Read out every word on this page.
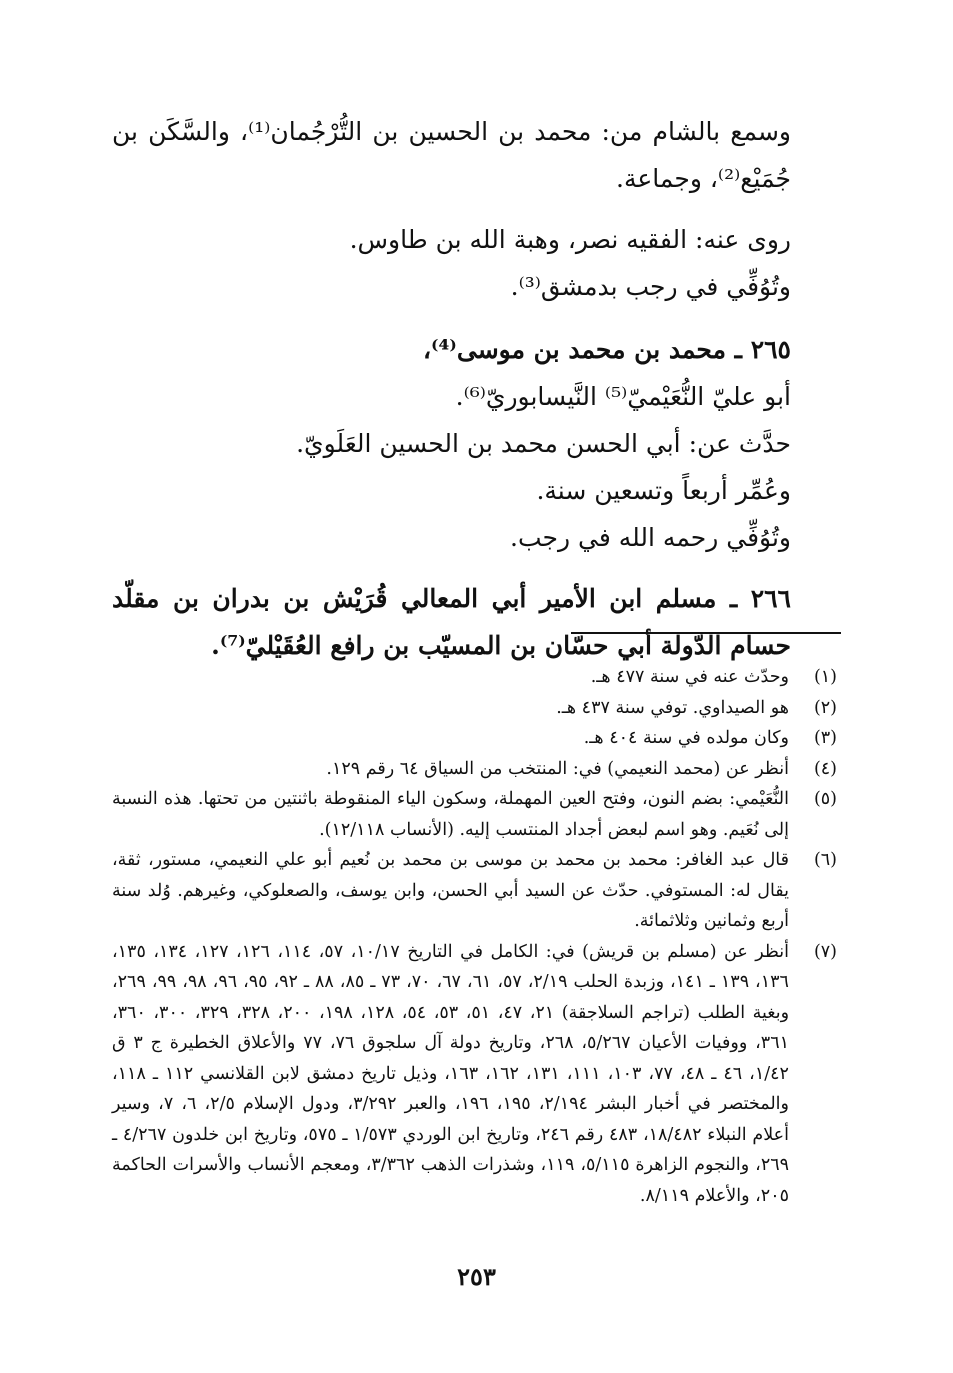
وسمع بالشام من: محمد بن الحسين بن التُّرْجُمان⁽¹⁾، والسَّكَن بن جُمَيْع⁽²⁾، وجماعة.

روى عنه: الفقيه نصر، وهبة الله بن طاوس.

وتُوُفِّي في رجب بدمشق⁽³⁾.

٢٦٥ ـ محمد بن محمد بن موسى⁽⁴⁾،

أبو عليّ النُّعَيْميّ⁽⁵⁾ النَّيسابوريّ⁽⁶⁾.

حدَّث عن: أبي الحسن محمد بن الحسين العَلَويّ.

وعُمِّر أربعاً وتسعين سنة.

وتُوُفِّي رحمه الله في رجب.

٢٦٦ ـ مسلم ابن الأمير أبي المعالي قُرَيْش بن بدران بن مقلّد حسام الدّولة أبي حسّان بن المسيّب بن رافع العُقَيْليّ⁽⁷⁾.

(١)
وحدّث عنه في سنة ٤٧٧ هـ.
(٢)
هو الصيداوي. توفي سنة ٤٣٧ هـ.
(٣)
وكان مولده في سنة ٤٠٤ هـ.
(٤)
أنظر عن (محمد النعيمي) في: المنتخب من السياق ٦٤ رقم ١٢٩.
(٥)
النُّعَيْمي: بضم النون، وفتح العين المهملة، وسكون الياء المنقوطة باثنتين من تحتها. هذه النسبة إلى نُعَيم. وهو اسم لبعض أجداد المنتسب إليه. (الأنساب ١٢/١١٨).
(٦)
قال عبد الغافر: محمد بن محمد بن موسى بن محمد بن نُعيم أبو علي النعيمي، مستور، ثقة، يقال له: المستوفي. حدّث عن السيد أبي الحسن، وابن يوسف، والصعلوكي، وغيرهم. وُلد سنة أربع وثمانين وثلاثمائة.
(٧)
أنظر عن (مسلم بن قريش) في: الكامل في التاريخ ١٠/١٧، ٥٧، ١١٤، ١٢٦، ١٢٧، ١٣٤، ١٣٥، ١٣٦، ١٣٩ ـ ١٤١، وزبدة الحلب ٢/١٩، ٥٧، ٦١، ٦٧، ٧٠، ٧٣ ـ ٨٥، ٨٨ ـ ٩٢، ٩٥، ٩٦، ٩٨، ٩٩، ٢٦٩، وبغية الطلب (تراجم السلاجقة) ٢١، ٤٧، ٥١، ٥٣، ٥٤، ١٢٨، ١٩٨، ٢٠٠، ٣٢٨، ٣٢٩، ٣٠٠، ٣٦٠، ٣٦١، ووفيات الأعيان ٥/٢٦٧، ٢٦٨، وتاريخ دولة آل سلجوق ٧٦، ٧٧ والأعلاق الخطيرة ج ٣ ق ١/٤٢، ٤٦ ـ ٤٨، ٧٧، ١٠٣، ١١١، ١٣١، ١٦٢، ١٦٣، وذيل تاريخ دمشق لابن القلانسي ١١٢ ـ ١١٨، والمختصر في أخبار البشر ٢/١٩٤، ١٩٥، ١٩٦، والعبر ٣/٢٩٢، ودول الإسلام ٢/٥، ٦، ٧، وسير أعلام النبلاء ١٨/٤٨٢، ٤٨٣ رقم ٢٤٦، وتاريخ ابن الوردي ١/٥٧٣ ـ ٥٧٥، وتاريخ ابن خلدون ٤/٢٦٧ ـ ٢٦٩، والنجوم الزاهرة ٥/١١٥، ١١٩، وشذرات الذهب ٣/٣٦٢، ومعجم الأنساب والأسرات الحاكمة ٢٠٥، والأعلام ٨/١١٩.
٢٥٣
